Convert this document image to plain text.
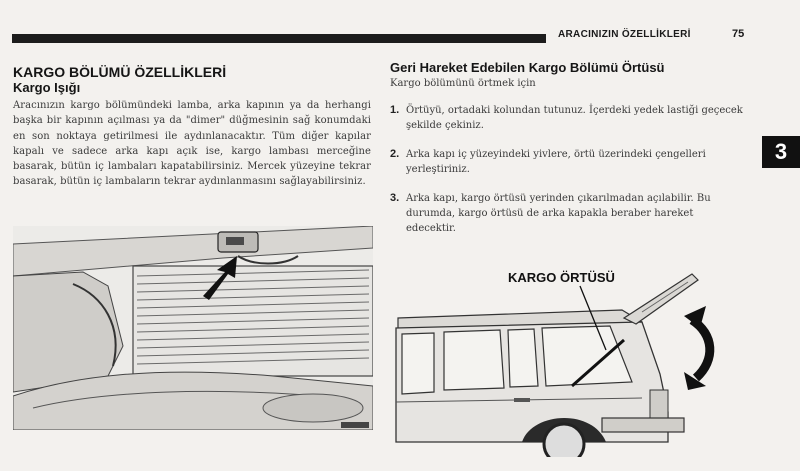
ARACINIZIN ÖZELLİKLERİ	75
3
KARGO BÖLÜMÜ ÖZELLİKLERİ
Kargo Işığı

Aracınızın kargo bölümündeki lamba, arka kapının ya da herhangi başka bir kapının açılması ya da "dimer" düğmesinin sağ konumdaki en son noktaya getirilmesi ile aydınlanacaktır. Tüm diğer kapılar kapalı ve sadece arka kapı açık ise, kargo lambası merceğine basarak, bütün iç lambaları kapatabilirsiniz. Mercek yüzeyine tekrar basarak, bütün iç lambaların tekrar aydınlanmasını sağlayabilirsiniz.

Geri Hareket Edebilen Kargo Bölümü Örtüsü

Kargo bölümünü örtmek için

1. Örtüyü, ortadaki kolundan tutunuz. İçerdeki yedek lastiği geçecek şekilde çekiniz.
2. Arka kapı iç yüzeyindeki yivlere, örtü üzerindeki çengelleri yerleştiriniz.
3. Arka kapı, kargo örtüsü yerinden çıkarılmadan açılabilir. Bu durumda, kargo örtüsü de arka kapakla beraber hareket edecektir.
KARGO ÖRTÜSÜ
